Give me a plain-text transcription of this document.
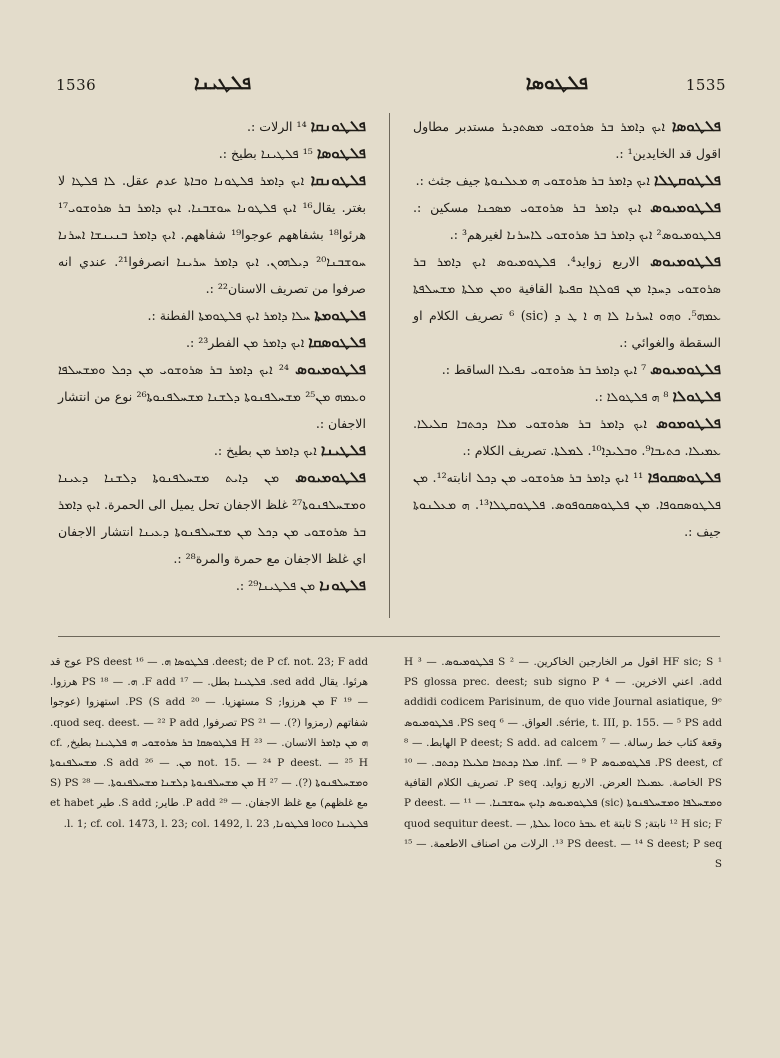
1536	ܦܠܛܝܢܐ	ܦܠܛܘܣܐ	1535

ܦܠܛܘܢܩܐ ¹⁴ الرلات :.

ܦܠܛܘܣܐ ¹⁵ ܦܠܛܝܢܐ بطيخ :.

ܦܠܛܘܢܩܐ ܐܝܟ ܕܐܡܪ ܦܠܛܘܢܐ ܘܒܐܬܐ عدم عقل. ܠܐ ܦܠܛܐ لا بغتر. يقال¹⁶ ܐܝܟ ܦܠܛܘܢܐ ܚܘܫܒܢܐ. ܐܝܟ ܕܐܡܪ ܒܪ ܣܪܘܫܘܝ¹⁷ هرئوا¹⁸ بشفاههم عوجوا¹⁹ شفاههم. ܐܝܟ ܕܐܡܪ ܒܢܝܢܫܐ ܐܚܪܢܐ ܚܘܫܒܢܐ²⁰ ܕܝܠܗܘܢ. ܐܝܟ ܕܐܡܪ ܚܪܝܢܐ انصرفوا²¹. عندي انه صرفوا من تصريف الاسنان²² :.

ܦܠܛܘܡܬܐ ܚܠܐ ܕܐܡܪ ܐܝܟ ܦܠܛܘܡܬܐ الفطنة :.

ܦܠܛܘܣܩܐ ܐܝܟ ܕܐܡܪ ܡܢ الفطر²³ :.

ܦܠܛܘܡܝܘܣ ²⁴ ܐܝܟ ܕܐܡܪ ܒܪ ܣܪܘܫܘܝ ܡܢ ܕܟܠ ܘܡܫܚܠܦܐ ܘܥܡܗ ܡܢ²⁵ ܡܫܚܠܦܢܘܬܐ ܕܠܫܢܐ ܡܫܚܠܦܢܘܬܐ²⁶ نوع من انتشار الاجفان :.

ܦܠܛܝܢܐ ܐܝܟ ܕܐܡܪ ܡܢ بطيخ :.

ܦܠܛܘܡܝܘܣ ܡܢ ܕܐܝܬ ܡܫܚܠܦܢܘܬܐ ܕܠܫܢܐ ܕܥܝܢܐ ܘܡܫܚܠܦܢܘܬܐ²⁷ غلظ الاجفان تحل يميل الى الحمرة. ܐܝܟ ܕܐܡܪ ܒܪ ܣܪܘܫܘܝ ܡܢ ܕܟܠ ܡܢ ܡܫܚܠܦܢܘܬܐ ܕܥܝܢܐ انتشار الاجفان اي غلظ الاجفان مع حمرة والمرة²⁸ :.

ܦܠܛܘܢܐ ܡܢ ܦܠܛܝܢܐ²⁹ :.

ܦܠܛܘܣܐ ܐܝܟ ܕܐܡܪ ܒܪ ܣܪܘܫܘܝ ܡܣܬܕܝܪ مستدبر مطاول اقول قد الخايدين¹ :.

ܦܠܛܘܩܛܠܐ ܐܝܟ ܕܐܡܪ ܒܪ ܣܪܘܫܘܝ ܗ ܡܥܠܢܘܬܐ جيف جثث :.

ܦܠܛܘܡܝܘܣ ܐܝܟ ܕܐܡܪ ܒܪ ܣܪܘܫܘܝ ܡܣܟܢܐ مسكين :. ܦܠܛܘܡܝܘܣ² ܐܝܟ ܕܐܡܪ ܒܪ ܣܪܘܫܘܝ ܠܐܚܪܢܐ لغيرهم³ :.

ܦܠܛܘܡܝܘܣ الاربع زوايد⁴. ܦܠܛܘܡܝܘܣ ܐܝܟ ܕܐܡܪ ܒܪ ܣܪܘܫܘܝ ܕܚܕܐ ܡܢ ܦܘܠܓܐ ܩܦܝܬܐ القافية ܘܡܢ ܡܠܬܐ ܡܫܚܠܦܬܐ ܥܡܗ⁵. ܘܗܘ ܐܚܪܢܐ ܠܐ ܗ ܐ ܛ ܕ (sic) ⁶ تصريف الكلام او السقطة والغوائي :.

ܦܠܛܘܡܝܘܣ ⁷ ܐܝܟ ܕܐܡܪ ܒܪ ܣܪܘܫܘܝ ܢܦܝܠܐ الساقط :.

ܦܠܛܘܠܐ ⁸ ܗ ܦܠܛܘܠܐ :.

ܦܠܛܘܡܘܣ ܐܝܟ ܕܐܡܪ ܒܪ ܣܪܘܫܘܝ ܡܠܐ ܕܟܬܒܐ ܩܠܝܠܐ. ܥܡܝܠܐ. ܟܬܝܒܐ⁹. ܘܒܠܝܕܐ¹⁰. ܠܡܠܬܐ. تصريف الكلام :.

ܦܠܛܘܣܩܘܦܐ ¹¹ ܐܝܟ ܕܐܡܪ ܒܪ ܣܪܘܫܘܝ ܡܢ ܕܟܠ انابته¹². ܡܢ ܦܠܛܘܣܩܘܦܐ. ܡܢ ܦܠܛܘܣܩܘܦܘܣ. ܦܠܛܘܩܛܠܐ¹³. ܗ ܡܥܠܢܘܬܐ جيف :.

deest; de P cf. not. 23; F add. ܦܠܛܘܣܐ ܗ. — ¹⁶ PS deest عوج قد هرئوا. يقال sed add. ܦܠܛܝܢܐ بطل. — ¹⁷ F add. ܗ. — ¹⁸ PS هرزوا. — ¹⁹ F ܡܢ هرزوا; S مستهزيا. — ²⁰ PS (S add. استهزوا (عوجوا شفاتهم (رمزوا (?). — ²¹ PS تصرفوا, quod seq. deest. — ²² P add. ܗ ܡܢ ܕܐܡܪ الانسان. — ²³ H ܦܠܛܘܣܩܐ ܒܪ ܣܪܘܫܘܝ ܗ ܦܠܛܝܢܐ بطيخ, cf. not. 15. — ²⁴ P deest. — ²⁵ H ܡܢ. — ²⁶ S add. ܡܫܚܠܦܢܘܬܐ ܘܡܫܚܠܦܢܘܬܐ (?). — ²⁷ H ܡܢ ܡܫܚܠܦܢܘܬܐ ܕܠܫܢܐ ܡܫܚܠܦܢܘܬܐ. — ²⁸ PS (S مع غلظهم) مع غلظ الاجفان. — ²⁹ P add. طاير; S add. طير et habet ܦܠܛܝܢܐ loco ܦܠܛܘܢܐ, l. 1; cf. col. 1473, l. 23; col. 1492, l. 23.

¹ HF sic; S اقول مر الخارجين الخاكرين. — ² S ܦܠܛܘܡܝܘܣ. — ³ H add. اعني الاخرين. — ⁴ PS glossa prec. deest; sub signo P addidi codicem Parisinum, de quo vide Journal asiatique, 9ᵉ série, t. III, p. 155. — ⁵ PS add. العواق. — ⁶ PS seq. ܦܠܛܘܡܝܘܣ وقعة كتاب خط رسالة. — ⁷ P deest; S add. ad calcem الهابط. — ⁸ PS deest, cf. ܦܠܛܘܡܝܘܣ inf. — ⁹ P. ܡܠܐ ܕܟܬܒܐ ܩܠܝܠܐ ܕܟܬܒ. — ¹⁰ PS الخاصة. ܥܡܝܠܐ العرض. الاربع زوايد. P seq. تصريف الكلام القافية ܘܡܫܚܠܦܐ ܘܡܫܚܠܦܢܘܬܐ (sic) ܦܠܛܘܡܝܘܣ ܕܐܝܟ ܚܘܫܒܢܐ. — ¹¹ P deest. — ¹² H sic; F نابتة; S ثابتة et ܥܒܪ loco ܥܠܬܐ, quod sequitur deest. — ¹³ PS deest. — ¹⁴ S deest; P seq. الرلات من اصناف الاطعمة. — ¹⁵ S
